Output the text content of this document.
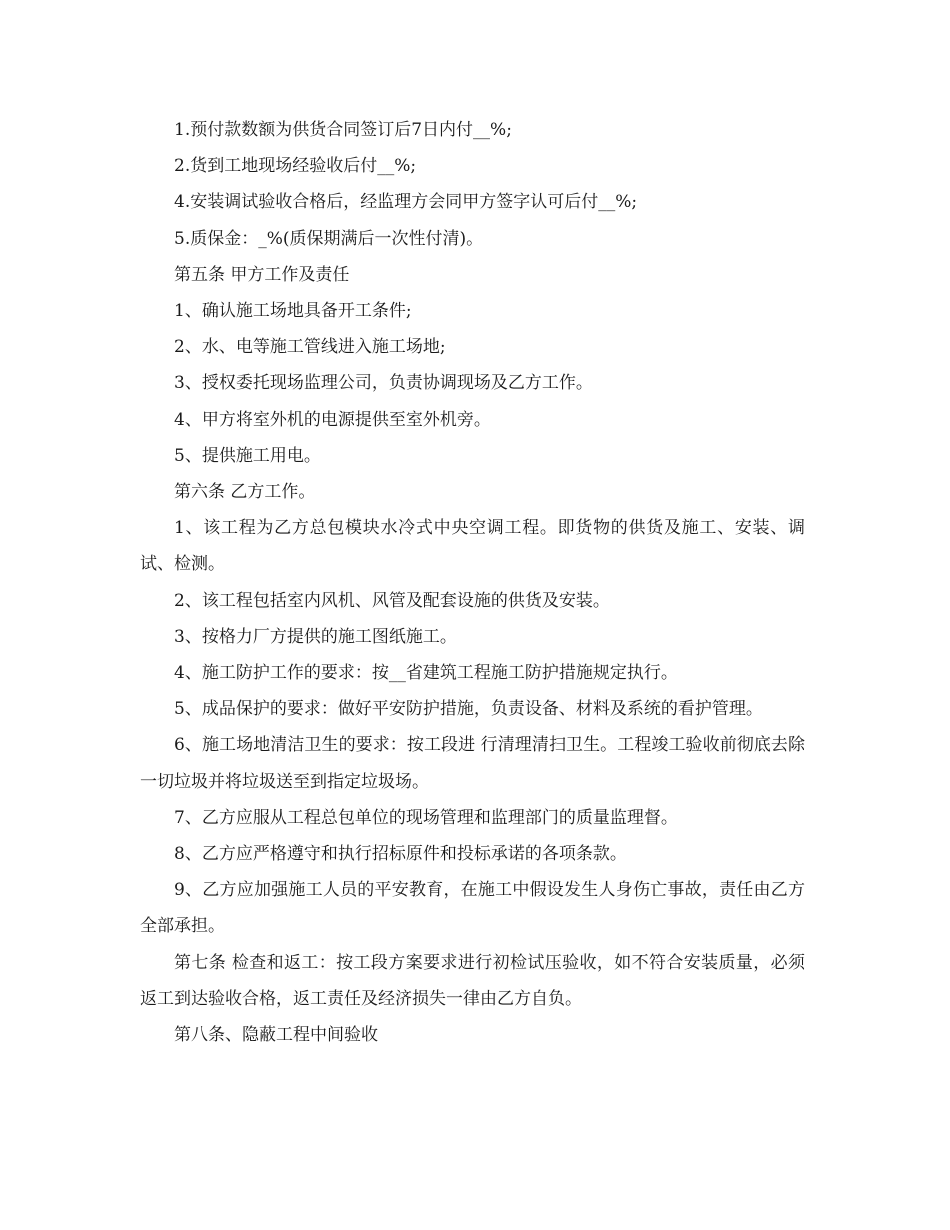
1.预付款数额为供货合同签订后7日内付__%;

2.货到工地现场经验收后付__%;

4.安装调试验收合格后，经监理方会同甲方签字认可后付__%;

5.质保金：_%(质保期满后一次性付清)。

第五条 甲方工作及责任

1、确认施工场地具备开工条件;

2、水、电等施工管线进入施工场地;

3、授权委托现场监理公司，负责协调现场及乙方工作。

4、甲方将室外机的电源提供至室外机旁。

5、提供施工用电。

第六条 乙方工作。

1、该工程为乙方总包模块水冷式中央空调工程。即货物的供货及施工、安装、调试、检测。

2、该工程包括室内风机、风管及配套设施的供货及安装。

3、按格力厂方提供的施工图纸施工。

4、施工防护工作的要求：按__省建筑工程施工防护措施规定执行。

5、成品保护的要求：做好平安防护措施，负责设备、材料及系统的看护管理。

6、施工场地清洁卫生的要求：按工段进 行清理清扫卫生。工程竣工验收前彻底去除一切垃圾并将垃圾送至到指定垃圾场。

7、乙方应服从工程总包单位的现场管理和监理部门的质量监理督。

8、乙方应严格遵守和执行招标原件和投标承诺的各项条款。

9、乙方应加强施工人员的平安教育，在施工中假设发生人身伤亡事故，责任由乙方全部承担。

第七条 检查和返工：按工段方案要求进行初检试压验收，如不符合安装质量，必须返工到达验收合格，返工责任及经济损失一律由乙方自负。

第八条、隐蔽工程中间验收
